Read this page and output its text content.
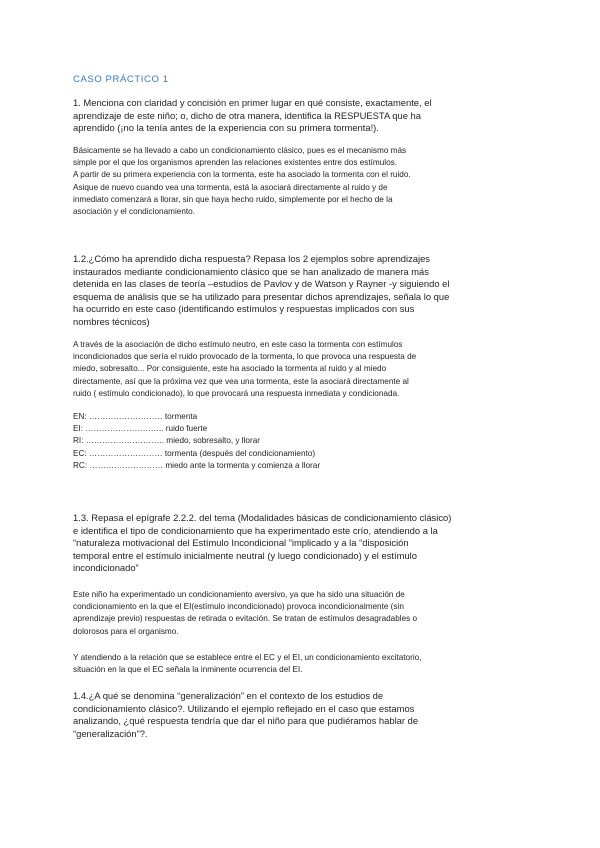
CASO PRÁCTICO 1
1. Menciona con claridad y concisión en primer lugar en qué consiste, exactamente, el
aprendizaje de este niño; o, dicho de otra manera, identifica la RESPUESTA que ha
aprendido (¡no la tenía antes de la experiencia con su primera tormenta!).
Básicamente se ha llevado a cabo un condicionamiento clásico, pues es el mecanismo más
simple por el que los organismos aprenden las relaciones existentes entre dos estímulos.
A partir de su primera experiencia con la tormenta, este ha asociado la tormenta con el ruido.
Asique de nuevo cuando vea una tormenta, está la asociará directamente al ruido y de
inmediato comenzará a llorar, sin que haya hecho ruido, simplemente por el hecho de la
asociación y el condicionamiento.
1.2.¿Cómo ha aprendido dicha respuesta? Repasa los 2 ejemplos sobre aprendizajes
instaurados mediante condicionamiento clásico que se han analizado de manera más
detenida en las clases de teoría –estudios de Pavlov y de Watson y Rayner -y siguiendo el
esquema de análisis que se ha utilizado para presentar dichos aprendizajes, señala lo que
ha ocurrido en este caso (identificando estímulos y respuestas implicados con sus
nombres técnicos)
A través de la asociación de dicho estímulo neutro, en este caso la tormenta con estímulos
incondicionados que sería el ruido provocado de la tormenta, lo que provoca una respuesta de
miedo, sobresalto... Por consiguiente, este ha asociado la tormenta al ruido y al miedo
directamente, así que la próxima vez que vea una tormenta, este la asociará directamente al
ruido ( estímulo condicionado), lo que provocará una respuesta inmediata y condicionada.
EN: ……………………… tormenta
EI: ……………………….. ruido fuerte
RI: ……………………….. miedo, sobresalto, y llorar
EC: ……………………… tormenta (después del condicionamiento)
RC: ……………………… miedo ante la tormenta y comienza a llorar
1.3. Repasa el epígrafe 2.2.2. del tema (Modalidades básicas de condicionamiento clásico)
e identifica el tipo de condicionamiento que ha experimentado este crío, atendiendo a la
“naturaleza motivacional del Estímulo Incondicional ”implicado y a la “disposición
temporal entre el estímulo inicialmente neutral (y luego condicionado) y el estímulo
incondicionado”
Este niño ha experimentado un condicionamiento aversivo, ya que ha sido una situación de
condicionamiento en la que el EI(estímulo incondicionado) provoca incondicionalmente (sin
aprendizaje previo) respuestas de retirada o evitación. Se tratan de estímulos desagradables o
dolorosos para el organismo.
Y atendiendo a la relación que se establece entre el EC y el EI, un condicionamiento excitatorio,
situación en la que el EC señala la inminente ocurrencia del EI.
1.4.¿A qué se denomina “generalización” en el contexto de los estudios de
condicionamiento clásico?. Utilizando el ejemplo reflejado en el caso que estamos
analizando, ¿qué respuesta tendría que dar el niño para que pudiéramos hablar de
“generalización”?.
